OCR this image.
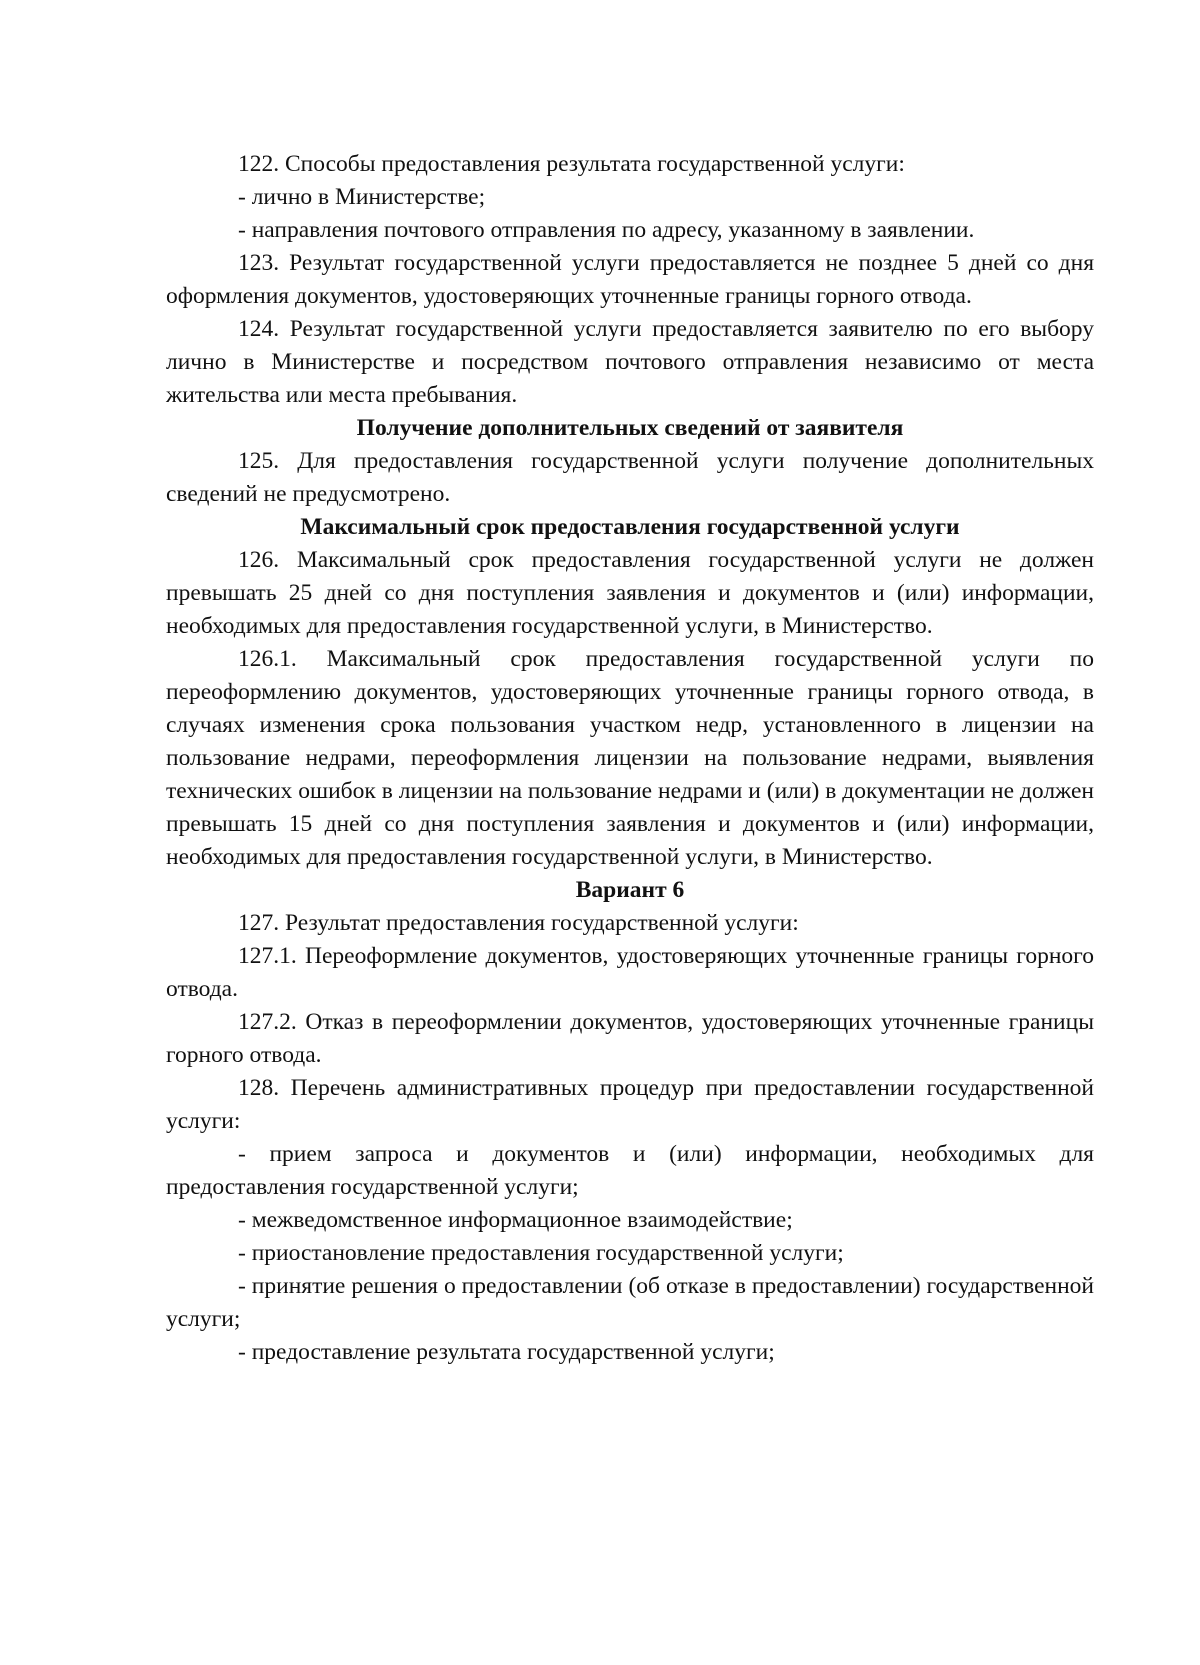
122. Способы предоставления результата государственной услуги:

- лично в Министерстве;

- направления почтового отправления по адресу, указанному в заявлении.

123. Результат государственной услуги предоставляется не позднее 5 дней со дня оформления документов, удостоверяющих уточненные границы горного отвода.

124. Результат государственной услуги предоставляется заявителю по его выбору лично в Министерстве и посредством почтового отправления независимо от места жительства или места пребывания.

Получение дополнительных сведений от заявителя

125. Для предоставления государственной услуги получение дополнительных сведений не предусмотрено.

Максимальный срок предоставления государственной услуги

126. Максимальный срок предоставления государственной услуги не должен превышать 25 дней со дня поступления заявления и документов и (или) информации, необходимых для предоставления государственной услуги, в Министерство.

126.1. Максимальный срок предоставления государственной услуги по переоформлению документов, удостоверяющих уточненные границы горного отвода, в случаях изменения срока пользования участком недр, установленного в лицензии на пользование недрами, переоформления лицензии на пользование недрами, выявления технических ошибок в лицензии на пользование недрами и (или) в документации не должен превышать 15 дней со дня поступления заявления и документов и (или) информации, необходимых для предоставления государственной услуги, в Министерство.

Вариант 6

127. Результат предоставления государственной услуги:

127.1. Переоформление документов, удостоверяющих уточненные границы горного отвода.

127.2. Отказ в переоформлении документов, удостоверяющих уточненные границы горного отвода.

128. Перечень административных процедур при предоставлении государственной услуги:

- прием запроса и документов и (или) информации, необходимых для предоставления государственной услуги;

- межведомственное информационное взаимодействие;

- приостановление предоставления государственной услуги;

- принятие решения о предоставлении (об отказе в предоставлении) государственной услуги;

- предоставление результата государственной услуги;
